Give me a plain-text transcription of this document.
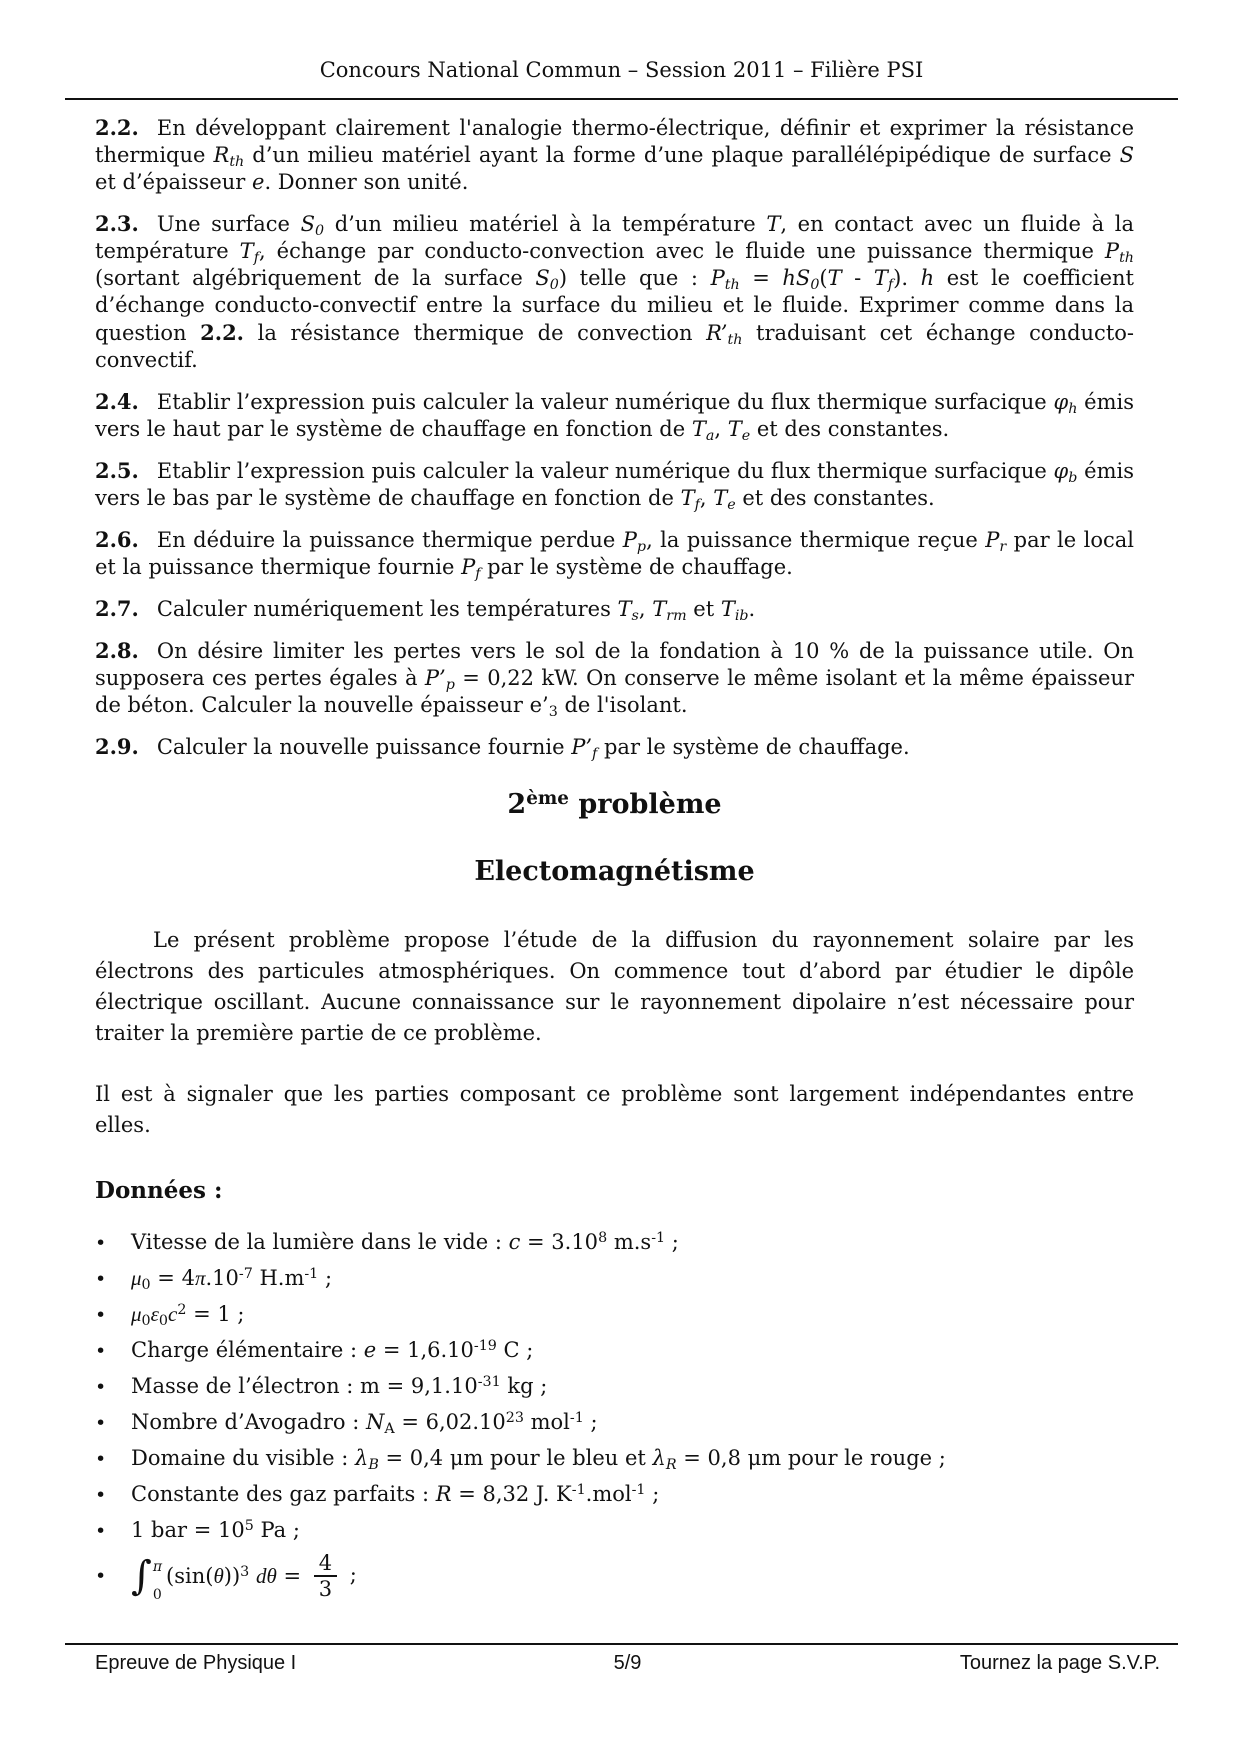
Concours National Commun – Session 2011 – Filière PSI

2.2. En développant clairement l'analogie thermo-électrique, définir et exprimer la résistance thermique $R_{th}$ d’un milieu matériel ayant la forme d’une plaque parallélépipédique de surface S et d’épaisseur e. Donner son unité.

2.3. Une surface $S_0$ d’un milieu matériel à la température T, en contact avec un fluide à la température $T_f$, échange par conducto-convection avec le fluide une puissance thermique $P_{th}$ (sortant algébriquement de la surface $S_0$) telle que : $P_{th} = hS_0(T - T_f)$. h est le coefficient d’échange conducto-convectif entre la surface du milieu et le fluide. Exprimer comme dans la question 2.2. la résistance thermique de convection $R’_{th}$ traduisant cet échange conducto-convectif.

2.4. Etablir l’expression puis calculer la valeur numérique du flux thermique surfacique $\varphi_h$ émis vers le haut par le système de chauffage en fonction de $T_a$, $T_e$ et des constantes.

2.5. Etablir l’expression puis calculer la valeur numérique du flux thermique surfacique $\varphi_b$ émis vers le bas par le système de chauffage en fonction de $T_f$, $T_e$ et des constantes.

2.6. En déduire la puissance thermique perdue $P_p$, la puissance thermique reçue $P_r$ par le local et la puissance thermique fournie $P_f$ par le système de chauffage.

2.7. Calculer numériquement les températures $T_s$, $T_{rm}$ et $T_{ib}$.

2.8. On désire limiter les pertes vers le sol de la fondation à 10 % de la puissance utile. On supposera ces pertes égales à $P’_p = 0,22$ kW. On conserve le même isolant et la même épaisseur de béton. Calculer la nouvelle épaisseur $e’_3$ de l'isolant.

2.9. Calculer la nouvelle puissance fournie $P’_f$ par le système de chauffage.

2ème problème
Electomagnétisme

Le présent problème propose l’étude de la diffusion du rayonnement solaire par les électrons des particules atmosphériques. On commence tout d’abord par étudier le dipôle électrique oscillant. Aucune connaissance sur le rayonnement dipolaire n’est nécessaire pour traiter la première partie de ce problème.

Il est à signaler que les parties composant ce problème sont largement indépendantes entre elles.

Données :
•	Vitesse de la lumière dans le vide : $c = 3.10^8$ $m.s^{-1}$ ;
•	$\mu_0 = 4\pi.10^{-7}$ $H.m^{-1}$ ;
•	$\mu_0\varepsilon_0c^2 = 1$ ;
•	Charge élémentaire : $e = 1,6.10^{-19}$ C ;
•	Masse de l’électron : $m = 9,1.10^{-31}$ kg ;
•	Nombre d’Avogadro : $N_A = 6,02.10^{23}$ mol$^{-1}$ ;
•	Domaine du visible : $\lambda_B = 0,4$ μm pour le bleu et $\lambda_R = 0,8$ μm pour le rouge ;
•	Constante des gaz parfaits : R = 8,32 J. $K^{-1}.mol^{-1}$ ;
•	1 bar = $10^5$ Pa ;
• ∫ π
0
$(\sin(\theta))^3$ $d\theta = \frac{4}{3}$ ;
5/9
Epreuve de Physique I	Tournez la page S.V.P.
